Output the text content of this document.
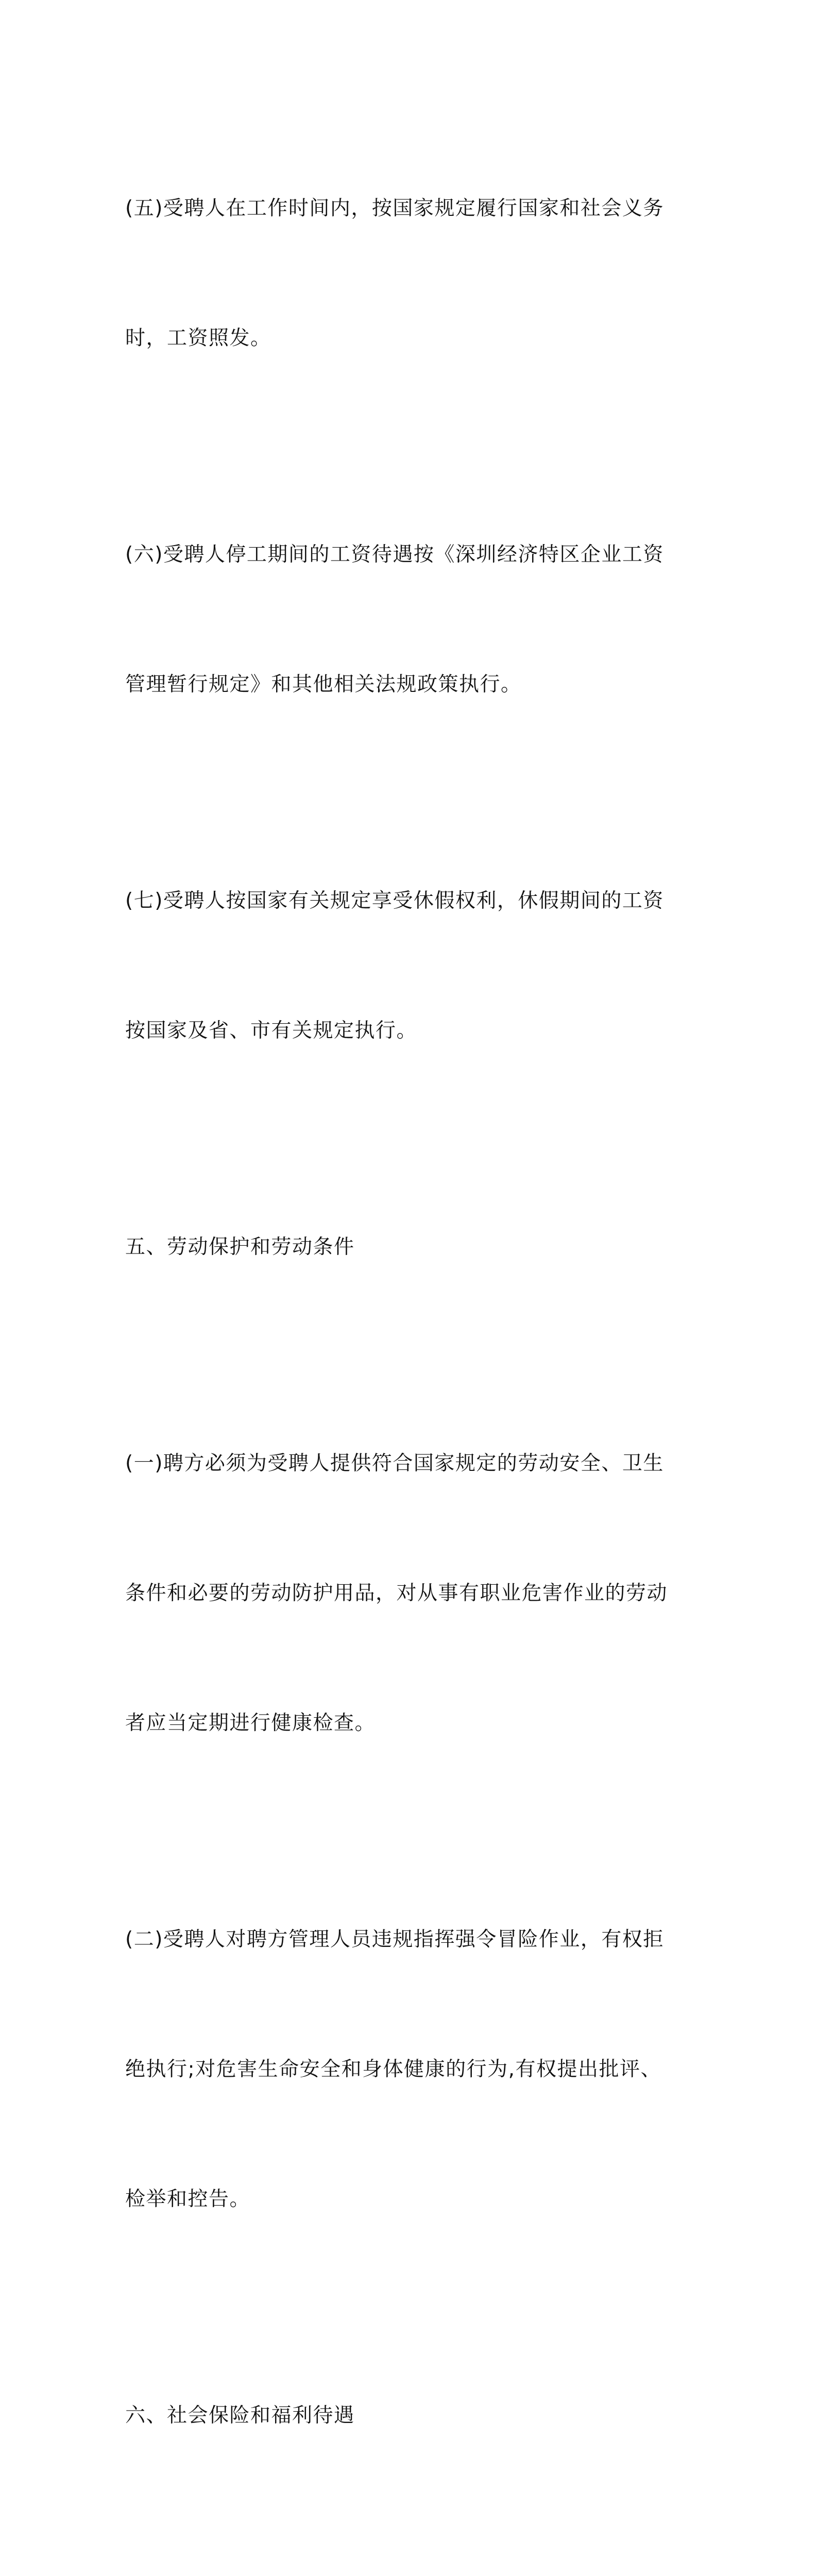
(五)受聘人在工作时间内，按国家规定履行国家和社会义务

时，工资照发。

(六)受聘人停工期间的工资待遇按《深圳经济特区企业工资

管理暂行规定》和其他相关法规政策执行。

(七)受聘人按国家有关规定享受休假权利，休假期间的工资

按国家及省、市有关规定执行。

五、劳动保护和劳动条件

(一)聘方必须为受聘人提供符合国家规定的劳动安全、卫生

条件和必要的劳动防护用品，对从事有职业危害作业的劳动

者应当定期进行健康检查。

(二)受聘人对聘方管理人员违规指挥强令冒险作业，有权拒

绝执行;对危害生命安全和身体健康的行为,有权提出批评、

检举和控告。

六、社会保险和福利待遇
